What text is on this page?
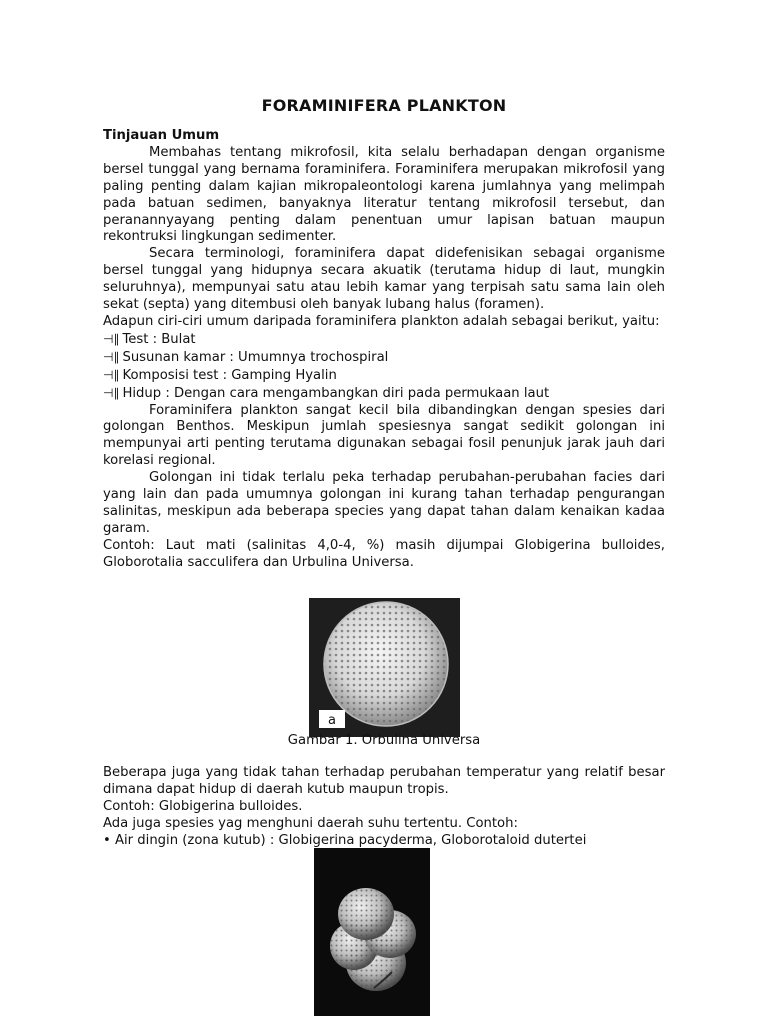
FORAMINIFERA PLANKTON

Tinjauan Umum

Membahas tentang mikrofosil, kita selalu berhadapan dengan organisme bersel tunggal yang bernama foraminifera. Foraminifera merupakan mikrofosil yang paling penting dalam kajian mikropaleontologi karena jumlahnya yang melimpah pada batuan sedimen, banyaknya literatur tentang mikrofosil tersebut, dan peranannyayang penting dalam penentuan umur lapisan batuan maupun rekontruksi lingkungan sedimenter.

Secara terminologi, foraminifera dapat didefenisikan sebagai organisme bersel tunggal yang hidupnya secara akuatik (terutama hidup di laut, mungkin seluruhnya), mempunyai satu atau lebih kamar yang terpisah satu sama lain oleh sekat (septa) yang ditembusi oleh banyak lubang halus (foramen).

Adapun ciri-ciri umum daripada foraminifera plankton adalah sebagai berikut, yaitu:

⊣∥ Test : Bulat

⊣∥ Susunan kamar : Umumnya trochospiral

⊣∥ Komposisi test : Gamping Hyalin

⊣∥ Hidup : Dengan cara mengambangkan diri pada permukaan laut

Foraminifera plankton sangat kecil bila dibandingkan dengan spesies dari golongan Benthos. Meskipun jumlah spesiesnya sangat sedikit golongan ini mempunyai arti penting terutama digunakan sebagai fosil penunjuk jarak jauh dari korelasi regional.

Golongan ini tidak terlalu peka terhadap perubahan-perubahan facies dari yang lain dan pada umumnya golongan ini kurang tahan terhadap pengurangan salinitas, meskipun ada beberapa species yang dapat tahan dalam kenaikan kadaa garam.

Contoh: Laut mati (salinitas 4,0-4, %) masih dijumpai Globigerina bulloides, Globorotalia sacculifera dan Urbulina Universa.

a
Gambar 1. Orbulina Universa

Beberapa juga yang tidak tahan terhadap perubahan temperatur yang relatif besar dimana dapat hidup di daerah kutub maupun tropis.

Contoh: Globigerina bulloides.

Ada juga spesies yag menghuni daerah suhu tertentu. Contoh:

• Air dingin (zona kutub) : Globigerina pacyderma, Globorotaloid dutertei
